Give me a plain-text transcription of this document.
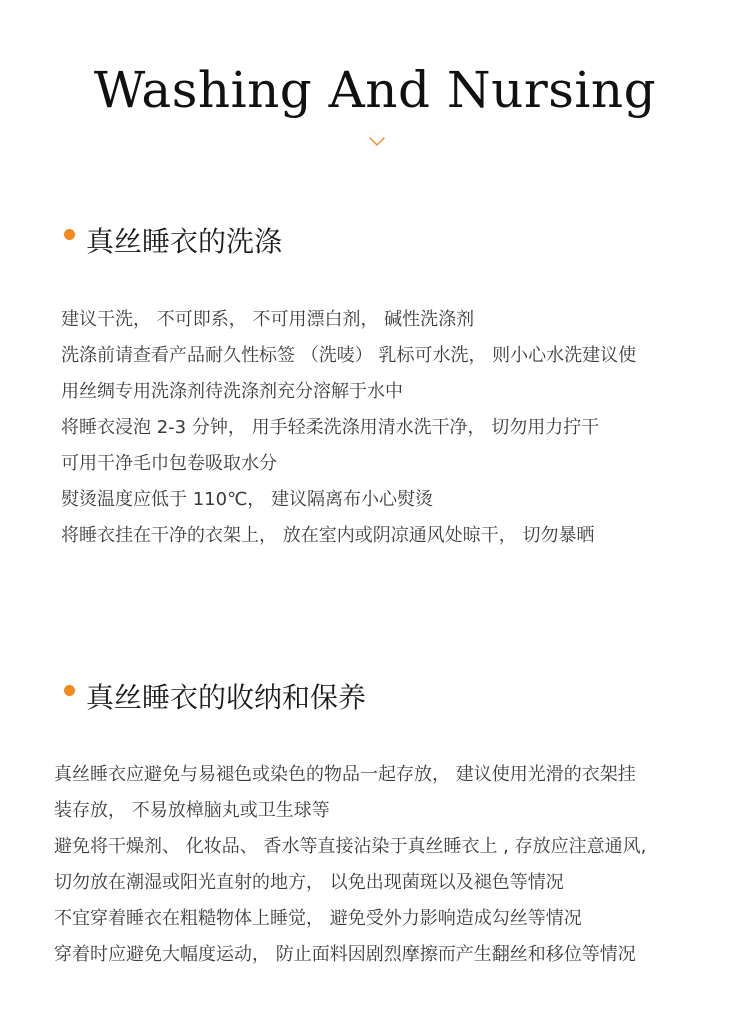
Washing And Nursing
真丝睡衣的洗涤
建议干洗， 不可即系， 不可用漂白剂， 碱性洗涤剂
洗涤前请查看产品耐久性标签 （洗唛） 乳标可水洗， 则小心水洗建议使
用丝绸专用洗涤剂待洗涤剂充分溶解于水中
将睡衣浸泡 2-3 分钟， 用手轻柔洗涤用清水洗干净， 切勿用力拧干
可用干净毛巾包卷吸取水分
熨烫温度应低于 110℃， 建议隔离布小心熨烫
将睡衣挂在干净的衣架上， 放在室内或阴凉通风处晾干， 切勿暴晒
真丝睡衣的收纳和保养
真丝睡衣应避免与易褪色或染色的物品一起存放， 建议使用光滑的衣架挂
装存放， 不易放樟脑丸或卫生球等
避免将干燥剂、 化妆品、 香水等直接沾染于真丝睡衣上 , 存放应注意通风,
切勿放在潮湿或阳光直射的地方， 以免出现菌斑以及褪色等情况
不宜穿着睡衣在粗糙物体上睡觉， 避免受外力影响造成勾丝等情况
穿着时应避免大幅度运动， 防止面料因剧烈摩擦而产生翻丝和移位等情况
